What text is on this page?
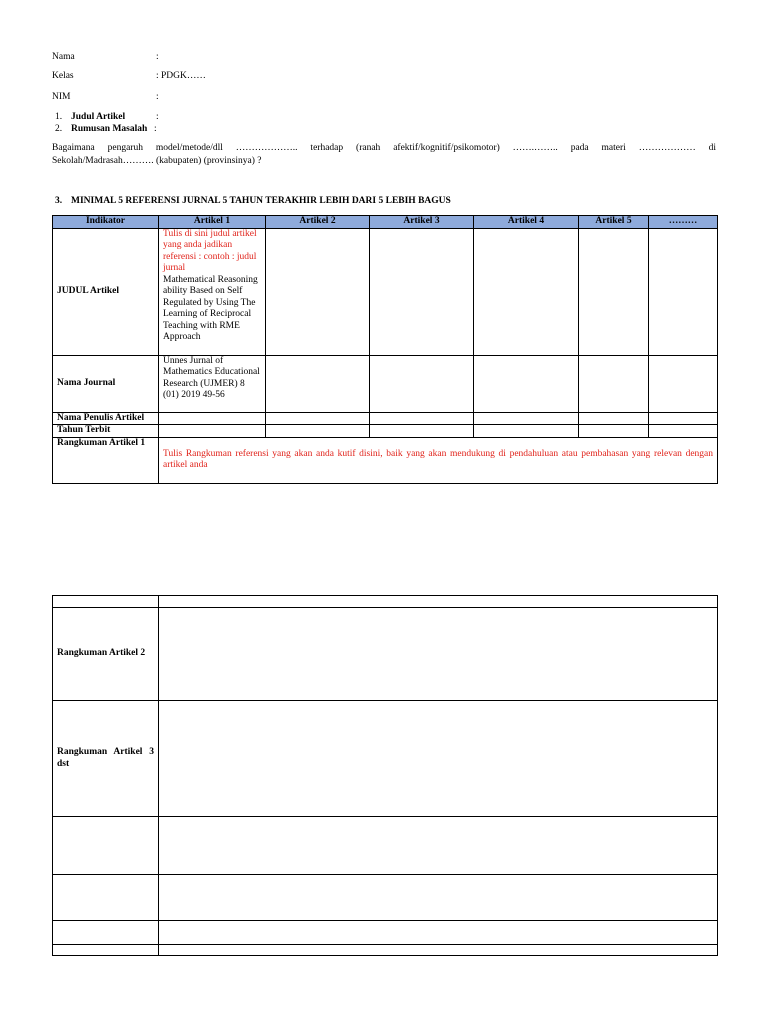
Nama	:
Kelas	: PDGK……
NIM	:
1. Judul Artikel	:
2. Rumusan Masalah :
Bagaimana pengaruh model/metode/dll ……………….. terhadap (ranah afektif/kognitif/psikomotor) …….…….. pada materi ……………… di
Sekolah/Madrasah………. (kabupaten) (provinsinya) ?
3. MINIMAL 5 REFERENSI JURNAL 5 TAHUN TERAKHIR LEBIH DARI 5 LEBIH BAGUS
Indikator	Artikel 1	Artikel 2	Artikel 3	Artikel 4	Artikel 5	………
JUDUL Artikel	Tulis di sini judul artikel yang anda jadikan referensi : contoh : judul jurnal
Mathematical Reasoning ability Based on Self Regulated by Using The Learning of Reciprocal Teaching with RME Approach					

Nama Journal	Unnes Jurnal of Mathematics Educational Research (UJMER) 8 (01) 2019 49-56					

Nama Penulis Artikel						
Tahun Terbit						
Rangkuman Artikel 1	Tulis Rangkuman referensi yang akan anda kutif disini, baik yang akan mendukung di pendahuluan atau pembahasan yang relevan dengan artikel anda					

Rangkuman Artikel 2	
Rangkuman Artikel 3 dst	
